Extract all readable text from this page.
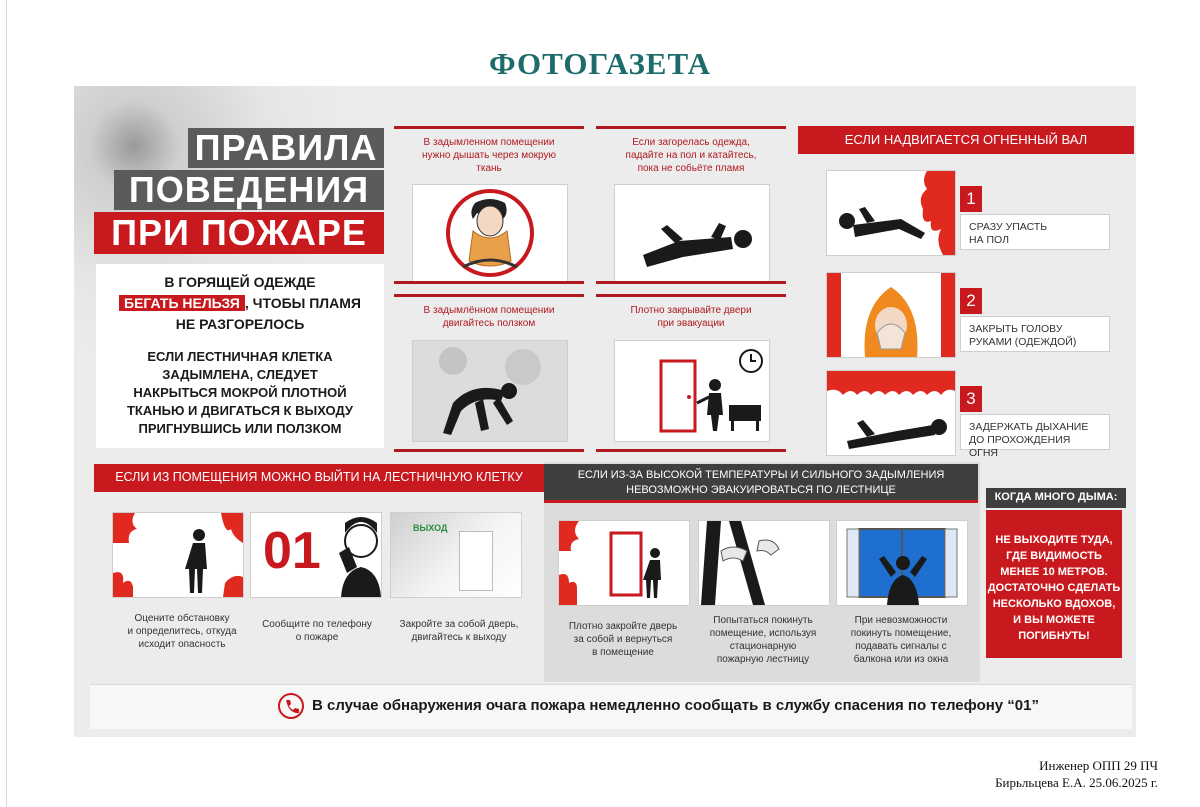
ФОТОГАЗЕТА
ПРАВИЛА
ПОВЕДЕНИЯ
ПРИ ПОЖАРЕ
В ГОРЯЩЕЙ ОДЕЖДЕ
БЕГАТЬ НЕЛЬЗЯ , ЧТОБЫ ПЛАМЯ
НЕ РАЗГОРЕЛОСЬ
ЕСЛИ ЛЕСТНИЧНАЯ КЛЕТКА
ЗАДЫМЛЕНА, СЛЕДУЕТ
НАКРЫТЬСЯ МОКРОЙ ПЛОТНОЙ
ТКАНЬЮ И ДВИГАТЬСЯ К ВЫХОДУ
ПРИГНУВШИСЬ ИЛИ ПОЛЗКОМ
В задымленном помещении
нужно дышать через мокрую
ткань
Если загорелась одежда,
падайте на пол и катайтесь,
пока не собьёте пламя
В задымлённом помещении
двигайтесь ползком
Плотно закрывайте двери
при эвакуации
ЕСЛИ НАДВИГАЕТСЯ ОГНЕННЫЙ ВАЛ
1
СРАЗУ УПАСТЬ
НА ПОЛ
2
ЗАКРЫТЬ ГОЛОВУ
РУКАМИ (ОДЕЖДОЙ)
3
ЗАДЕРЖАТЬ ДЫХАНИЕ
ДО ПРОХОЖДЕНИЯ ОГНЯ
ЕСЛИ ИЗ ПОМЕЩЕНИЯ МОЖНО ВЫЙТИ НА ЛЕСТНИЧНУЮ КЛЕТКУ
01	ВЫХОД
Оцените обстановку
и определитесь, откуда
исходит опасность
Сообщите по телефону
о пожаре
Закройте за собой дверь,
двигайтесь к выходу
ЕСЛИ ИЗ-ЗА ВЫСОКОЙ ТЕМПЕРАТУРЫ И СИЛЬНОГО ЗАДЫМЛЕНИЯ
НЕВОЗМОЖНО ЭВАКУИРОВАТЬСЯ ПО ЛЕСТНИЦЕ
Плотно закройте дверь
за собой и вернуться
в помещение
Попытаться покинуть
помещение, используя
стационарную
пожарную лестницу
При невозможности
покинуть помещение,
подавать сигналы с
балкона или из окна
КОГДА МНОГО ДЫМА:
НЕ ВЫХОДИТЕ ТУДА,
ГДЕ ВИДИМОСТЬ
МЕНЕЕ 10 МЕТРОВ.
ДОСТАТОЧНО СДЕЛАТЬ
НЕСКОЛЬКО ВДОХОВ,
И ВЫ МОЖЕТЕ
ПОГИБНУТЬ!
В случае обнаружения очага пожара немедленно сообщать в службу спасения по телефону “01”
Инженер ОПП 29 ПЧ
Бирьльцева Е.А. 25.06.2025 г.
